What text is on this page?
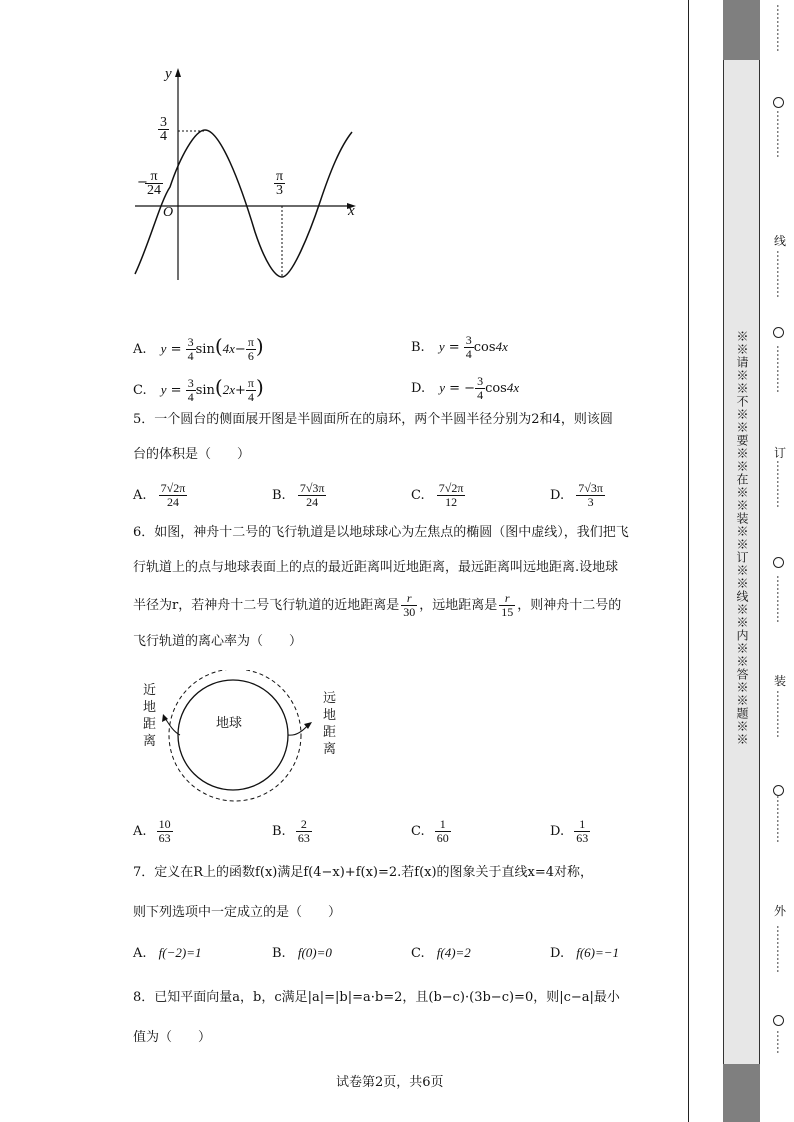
y
x
O
$\frac{3}{4}$
−
$\frac{\pi}{24}$	$\frac{\pi}{3}$
A. $y = \frac{3}{4} \sin(4x- \frac{\pi}{6}$ )	B. $y = \frac{3}{4} \cos 4x$
C. $y = \frac{3}{4} \sin(2x+ \frac{\pi}{4}$ )	D. y = − $\frac{3}{4} \cos 4x$
5．一个圆台的侧面展开图是半圆面所在的扇环，两个半圆半径分别为2和4，则该圆
台的体积是（　　）
A. $\frac{7√2\pi}{24}$	B. $\frac{7√3\pi}{24}$	C. $\frac{7√2\pi}{12}$	D. $\frac{7√3\pi}{3}$
6．如图，神舟十二号的飞行轨道是以地球球心为左焦点的椭圆（图中虚线），我们把飞
行轨道上的点与地球表面上的点的最近距离叫近地距离，最远距离叫远地距离.设地球
半径为r，若神舟十二号飞行轨道的近地距离是 $\frac{r}{30}$ ，远地距离是 $\frac{r}{15}$ ，则神舟十二号的
飞行轨道的离心率为（　　）
近地距离
远地距离
地球
A. $\frac{10}{63}$	B. $\frac{2}{63}$	C. $\frac{1}{60}$	D. $\frac{1}{63}$
7．定义在R上的函数f(x)满足f(4−x)+f(x)=2.若f(x)的图象关于直线x=4对称，
则下列选项中一定成立的是（　　）
A. f(−2)=1	B. f(0)=0	C. f(4)=2	D. f(6)=−1
8．已知平面向量a，b，c满足|a|=|b|=a·b=2，且(b−c)·(3b−c)=0，则|c−a|最小
值为（　　）
试卷第2页，共6页
※※请※※不※※要※※在※※装※※订※※线※※内※※答※※题※※
…………
…………
…………
…………
…………
…………
…………
…………
…………
……
线
订
装
外
